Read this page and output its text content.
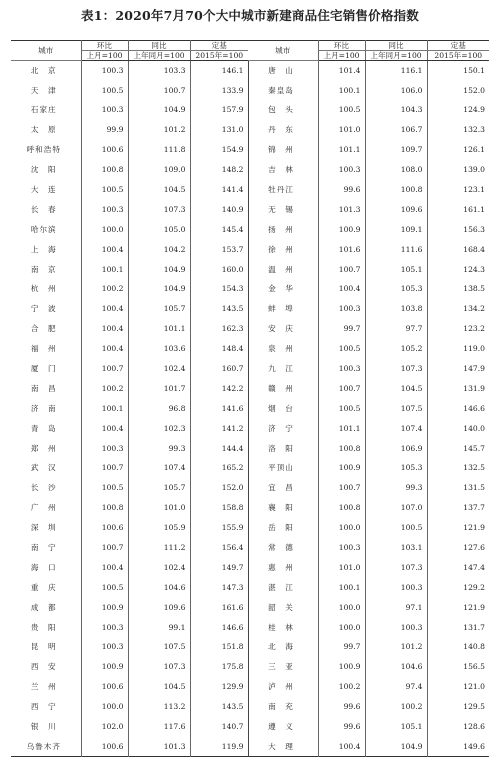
表1：2020年7月70个大中城市新建商品住宅销售价格指数
城市	环比	同比	定基	城市	环比	同比	定基
	上月=100	上年同月=100	2015年=100		上月=100	上年同月=100	2015年=100
北　京	100.3	103.3	146.1	唐　山	101.4	116.1	150.1
天　津	100.5	100.7	133.9	秦皇岛	100.1	106.0	152.0
石家庄	100.3	104.9	157.9	包　头	100.5	104.3	124.9
太　原	99.9	101.2	131.0	丹　东	101.0	106.7	132.3
呼和浩特	100.6	111.8	154.9	锦　州	101.1	109.7	126.1
沈　阳	100.8	109.0	148.2	吉　林	100.3	108.0	139.0
大　连	100.5	104.5	141.4	牡丹江	99.6	100.8	123.1
长　春	100.3	107.3	140.9	无　锡	101.3	109.6	161.1
哈尔滨	100.0	105.0	145.4	扬　州	100.9	109.1	156.3
上　海	100.4	104.2	153.7	徐　州	101.6	111.6	168.4
南　京	100.1	104.9	160.0	温　州	100.7	105.1	124.3
杭　州	100.2	104.9	154.3	金　华	100.4	105.3	138.5
宁　波	100.4	105.7	143.5	蚌　埠	100.3	103.8	134.2
合　肥	100.4	101.1	162.3	安　庆	99.7	97.7	123.2
福　州	100.4	103.6	148.4	泉　州	100.5	105.2	119.0
厦　门	100.7	102.4	160.7	九　江	100.3	107.3	147.9
南　昌	100.2	101.7	142.2	赣　州	100.7	104.5	131.9
济　南	100.1	96.8	141.6	烟　台	100.5	107.5	146.6
青　岛	100.4	102.3	141.2	济　宁	101.1	107.4	140.0
郑　州	100.3	99.3	144.4	洛　阳	100.8	106.9	145.7
武　汉	100.7	107.4	165.2	平顶山	100.9	105.3	132.5
长　沙	100.5	105.7	152.0	宜　昌	100.7	99.3	131.5
广　州	100.8	101.0	158.8	襄　阳	100.8	107.0	137.7
深　圳	100.6	105.9	155.9	岳　阳	100.0	100.5	121.9
南　宁	100.7	111.2	156.4	常　德	100.3	103.1	127.6
海　口	100.4	102.4	149.7	惠　州	101.0	107.3	147.4
重　庆	100.5	104.6	147.3	湛　江	100.1	100.3	129.2
成　都	100.9	109.6	161.6	韶　关	100.0	97.1	121.9
贵　阳	100.3	99.1	146.6	桂　林	100.0	100.3	131.7
昆　明	100.3	107.5	151.8	北　海	99.7	101.2	140.8
西　安	100.9	107.3	175.8	三　亚	100.9	104.6	156.5
兰　州	100.6	104.5	129.9	泸　州	100.2	97.4	121.0
西　宁	100.0	113.2	143.5	南　充	99.6	100.2	129.5
银　川	102.0	117.6	140.7	遵　义	99.6	105.1	128.6
乌鲁木齐	100.6	101.3	119.9	大　理	100.4	104.9	149.6
